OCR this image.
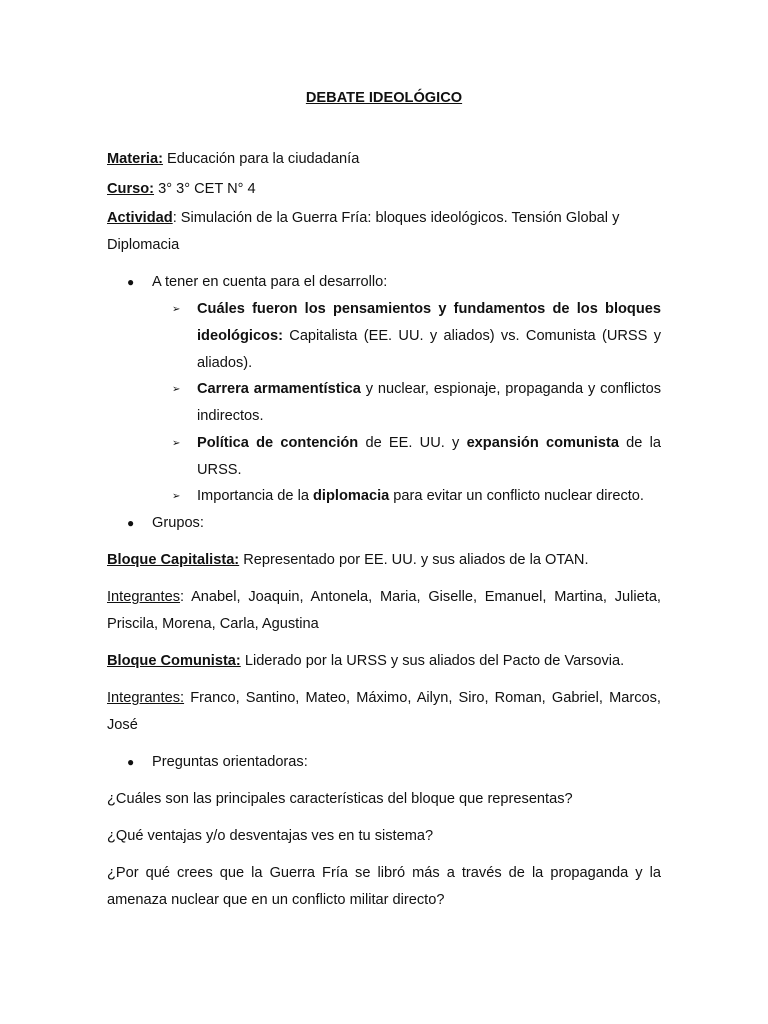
DEBATE IDEOLÓGICO
Materia: Educación para la ciudadanía
Curso: 3° 3° CET N° 4
Actividad: Simulación de la Guerra Fría: bloques ideológicos. Tensión Global y Diplomacia
● A tener en cuenta para el desarrollo:
➢ Cuáles fueron los pensamientos y fundamentos de los bloques ideológicos: Capitalista (EE. UU. y aliados) vs. Comunista (URSS y aliados).
➢ Carrera armamentística y nuclear, espionaje, propaganda y conflictos indirectos.
➢ Política de contención de EE. UU. y expansión comunista de la URSS.
➢ Importancia de la diplomacia para evitar un conflicto nuclear directo.
● Grupos:
Bloque Capitalista: Representado por EE. UU. y sus aliados de la OTAN.
Integrantes: Anabel, Joaquin, Antonela, Maria, Giselle, Emanuel, Martina, Julieta, Priscila, Morena, Carla, Agustina
Bloque Comunista: Liderado por la URSS y sus aliados del Pacto de Varsovia.
Integrantes: Franco, Santino, Mateo, Máximo, Ailyn, Siro, Roman, Gabriel, Marcos, José
● Preguntas orientadoras:
¿Cuáles son las principales características del bloque que representas?
¿Qué ventajas y/o desventajas ves en tu sistema?
¿Por qué crees que la Guerra Fría se libró más a través de la propaganda y la amenaza nuclear que en un conflicto militar directo?
